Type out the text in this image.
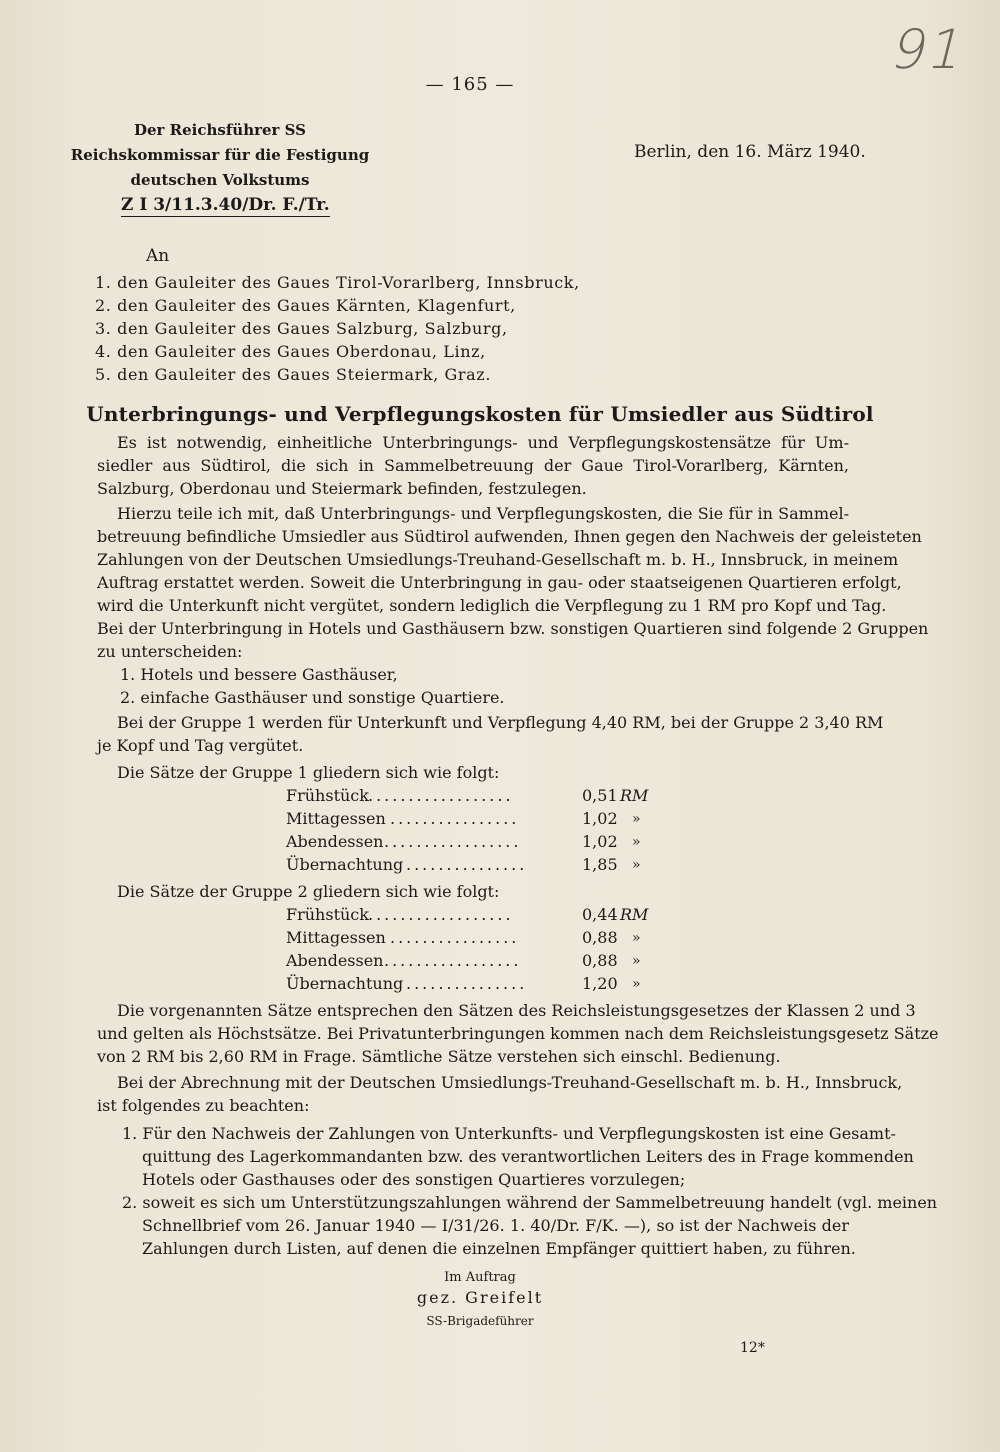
91
— 165 —
Der Reichsführer SS
Reichskommissar für die Festigung
deutschen Volkstums
Z I 3/11.3.40/Dr. F./Tr.
Berlin, den 16. März 1940.
An
1. den Gauleiter des Gaues Tirol-Vorarlberg, Innsbruck,
2. den Gauleiter des Gaues Kärnten, Klagenfurt,
3. den Gauleiter des Gaues Salzburg, Salzburg,
4. den Gauleiter des Gaues Oberdonau, Linz,
5. den Gauleiter des Gaues Steiermark, Graz.
Unterbringungs- und Verpflegungskosten für Umsiedler aus Südtirol
Es ist notwendig, einheitliche Unterbringungs- und Verpflegungskostensätze für Um-
siedler aus Südtirol, die sich in Sammelbetreuung der Gaue Tirol-Vorarlberg, Kärnten,
Salzburg, Oberdonau und Steiermark befinden, festzulegen.
Hierzu teile ich mit, daß Unterbringungs- und Verpflegungskosten, die Sie für in Sammel-
betreuung befindliche Umsiedler aus Südtirol aufwenden, Ihnen gegen den Nachweis der geleisteten
Zahlungen von der Deutschen Umsiedlungs-Treuhand-Gesellschaft m. b. H., Innsbruck, in meinem
Auftrag erstattet werden. Soweit die Unterbringung in gau- oder staatseigenen Quartieren erfolgt,
wird die Unterkunft nicht vergütet, sondern lediglich die Verpflegung zu 1 RM pro Kopf und Tag.
Bei der Unterbringung in Hotels und Gasthäusern bzw. sonstigen Quartieren sind folgende 2 Gruppen
zu unterscheiden:
1. Hotels und bessere Gasthäuser,
2. einfache Gasthäuser und sonstige Quartiere.
Bei der Gruppe 1 werden für Unterkunft und Verpflegung 4,40 RM, bei der Gruppe 2 3,40 RM
je Kopf und Tag vergütet.
Die Sätze der Gruppe 1 gliedern sich wie folgt:
Frühstück ..................	0,51 RM
Mittagessen ................	1,02 »
Abendessen .................	1,02 »
Übernachtung ...............	1,85 »
Die Sätze der Gruppe 2 gliedern sich wie folgt:
Frühstück ..................	0,44 RM
Mittagessen ................	0,88 »
Abendessen .................	0,88 »
Übernachtung ...............	1,20 »
Die vorgenannten Sätze entsprechen den Sätzen des Reichsleistungsgesetzes der Klassen 2 und 3
und gelten als Höchstsätze. Bei Privatunterbringungen kommen nach dem Reichsleistungsgesetz Sätze
von 2 RM bis 2,60 RM in Frage. Sämtliche Sätze verstehen sich einschl. Bedienung.
Bei der Abrechnung mit der Deutschen Umsiedlungs-Treuhand-Gesellschaft m. b. H., Innsbruck,
ist folgendes zu beachten:
1. Für den Nachweis der Zahlungen von Unterkunfts- und Verpflegungskosten ist eine Gesamt-
quittung des Lagerkommandanten bzw. des verantwortlichen Leiters des in Frage kommenden
Hotels oder Gasthauses oder des sonstigen Quartieres vorzulegen;
2. soweit es sich um Unterstützungszahlungen während der Sammelbetreuung handelt (vgl. meinen
Schnellbrief vom 26. Januar 1940 — I/31/26. 1. 40/Dr. F/K. —), so ist der Nachweis der
Zahlungen durch Listen, auf denen die einzelnen Empfänger quittiert haben, zu führen.
Im Auftrag
gez. Greifelt
SS-Brigadeführer
12*
